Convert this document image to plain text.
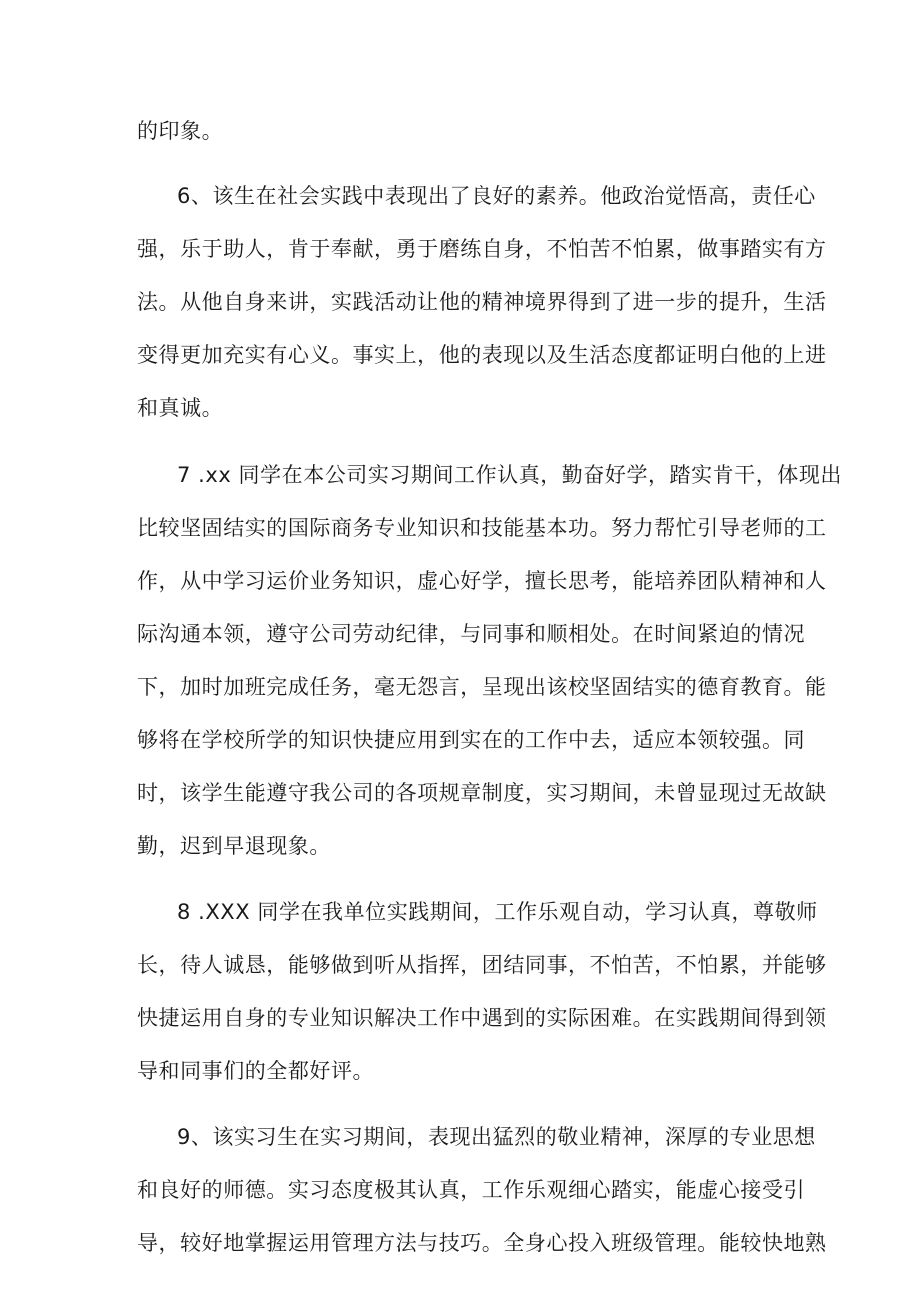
的印象。
6、该生在社会实践中表现出了良好的素养。他政治觉悟高，责任心
强，乐于助人，肯于奉献，勇于磨练自身，不怕苦不怕累，做事踏实有方
法。从他自身来讲，实践活动让他的精神境界得到了进一步的提升，生活
变得更加充实有心义。事实上，他的表现以及生活态度都证明白他的上进
和真诚。
7 .xx 同学在本公司实习期间工作认真，勤奋好学，踏实肯干，体现出
比较坚固结实的国际商务专业知识和技能基本功。努力帮忙引导老师的工
作，从中学习运价业务知识，虚心好学，擅长思考，能培养团队精神和人
际沟通本领，遵守公司劳动纪律，与同事和顺相处。在时间紧迫的情况
下，加时加班完成任务，毫无怨言，呈现出该校坚固结实的德育教育。能
够将在学校所学的知识快捷应用到实在的工作中去，适应本领较强。同
时，该学生能遵守我公司的各项规章制度，实习期间，未曾显现过无故缺
勤，迟到早退现象。
8 .XXX 同学在我单位实践期间，工作乐观自动，学习认真，尊敬师
长，待人诚恳，能够做到听从指挥，团结同事，不怕苦，不怕累，并能够
快捷运用自身的专业知识解决工作中遇到的实际困难。在实践期间得到领
导和同事们的全都好评。
9、该实习生在实习期间，表现出猛烈的敬业精神，深厚的专业思想
和良好的师德。实习态度极其认真，工作乐观细心踏实，能虚心接受引
导，较好地掌握运用管理方法与技巧。全身心投入班级管理。能较快地熟
